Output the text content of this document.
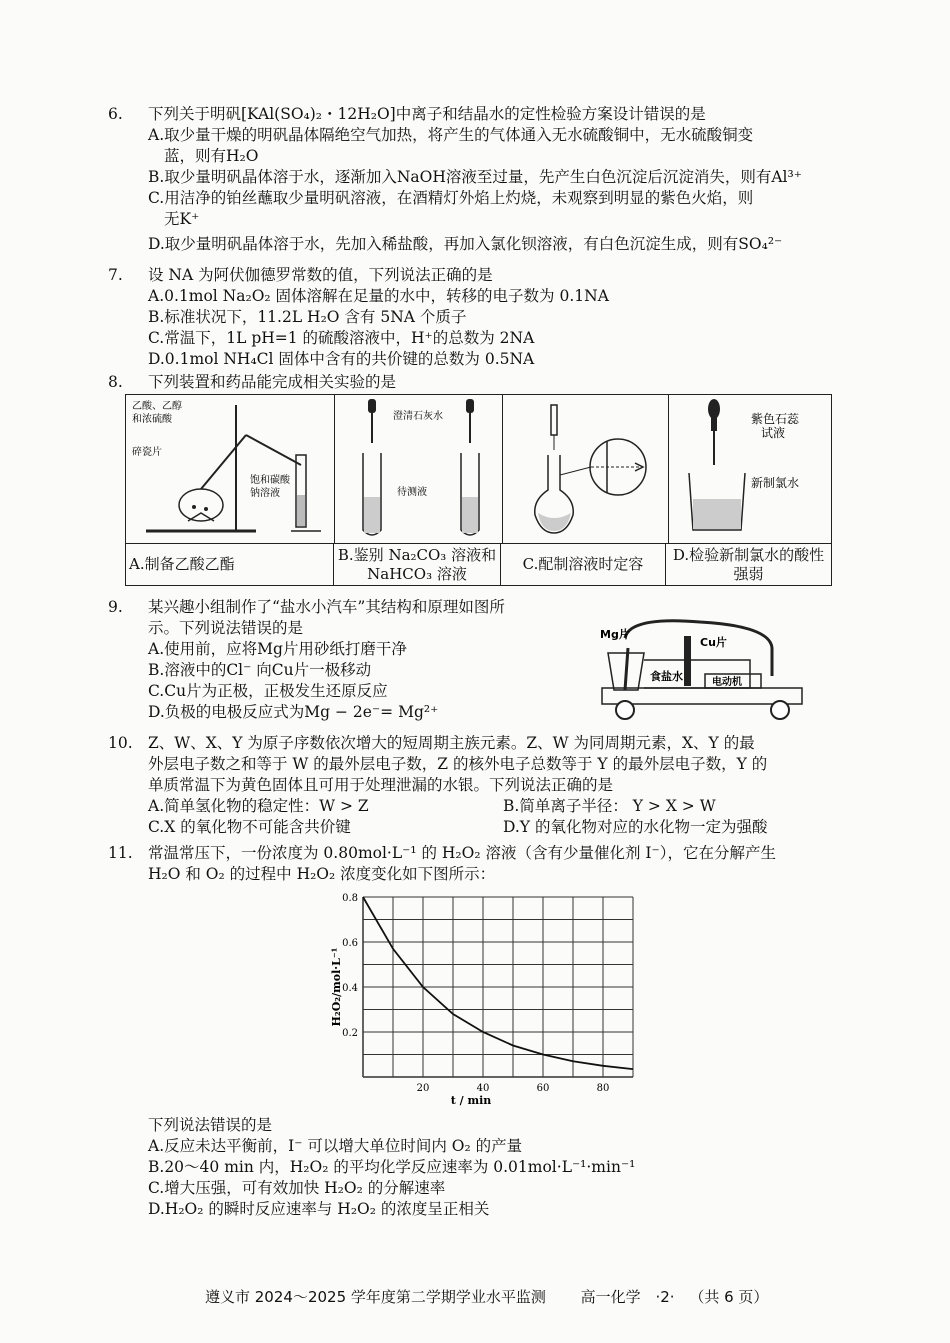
6.	下列关于明矾[KAl(SO₄)₂・12H₂O]中离子和结晶水的定性检验方案设计错误的是
A.取少量干燥的明矾晶体隔绝空气加热，将产生的气体通入无水硫酸铜中，无水硫酸铜变
蓝，则有H₂O
B.取少量明矾晶体溶于水，逐渐加入NaOH溶液至过量，先产生白色沉淀后沉淀消失，则有Al³⁺
C.用洁净的铂丝蘸取少量明矾溶液，在酒精灯外焰上灼烧，未观察到明显的紫色火焰，则
无K⁺
D.取少量明矾晶体溶于水，先加入稀盐酸，再加入氯化钡溶液，有白色沉淀生成，则有SO₄²⁻
7.	设 NA 为阿伏伽德罗常数的值，下列说法正确的是
A.0.1mol Na₂O₂ 固体溶解在足量的水中，转移的电子数为 0.1NA
B.标准状况下，11.2L H₂O 含有 5NA 个质子
C.常温下，1L pH=1 的硫酸溶液中，H⁺的总数为 2NA
D.0.1mol NH₄Cl 固体中含有的共价键的总数为 0.5NA
8.	下列装置和药品能完成相关实验的是
乙酸、乙醇
和浓硫酸
碎瓷片
饱和碳酸
钠溶液
澄清石灰水
待测液
紫色石蕊
试液
新制氯水
A.制备乙酸乙酯
B.鉴别 Na₂CO₃ 溶液和 NaHCO₃ 溶液
C.配制溶液时定容
D.检验新制氯水的酸性强弱
9.	某兴趣小组制作了“盐水小汽车”其结构和原理如图所
示。下列说法错误的是
A.使用前，应将Mg片用砂纸打磨干净
B.溶液中的Cl⁻ 向Cu片一极移动
C.Cu片为正极，正极发生还原反应
D.负极的电极反应式为Mg − 2e⁻= Mg²⁺
Mg片
Cu片
食盐水	电动机
10. Z、W、X、Y 为原子序数依次增大的短周期主族元素。Z、W 为同周期元素，X、Y 的最
外层电子数之和等于 W 的最外层电子数，Z 的核外电子总数等于 Y 的最外层电子数，Y 的
单质常温下为黄色固体且可用于处理泄漏的水银。下列说法正确的是
A.简单氢化物的稳定性：W > Z	B.简单离子半径： Y > X > W
C.X 的氧化物不可能含共价键	D.Y 的氧化物对应的水化物一定为强酸
11. 常温常压下，一份浓度为 0.80mol·L⁻¹ 的 H₂O₂ 溶液（含有少量催化剂 I⁻），它在分解产生
H₂O 和 O₂ 的过程中 H₂O₂ 浓度变化如下图所示：
0.2
0.4
0.6
0.8
20	40	60	80
t / min
H₂O₂/mol·L⁻¹
下列说法错误的是
A.反应未达平衡前，I⁻ 可以增大单位时间内 O₂ 的产量
B.20～40 min 内，H₂O₂ 的平均化学反应速率为 0.01mol·L⁻¹·min⁻¹
C.增大压强，可有效加快 H₂O₂ 的分解速率
D.H₂O₂ 的瞬时反应速率与 H₂O₂ 的浓度呈正相关
遵义市 2024～2025 学年度第二学期学业水平监测 高一化学 ·2· （共 6 页）
